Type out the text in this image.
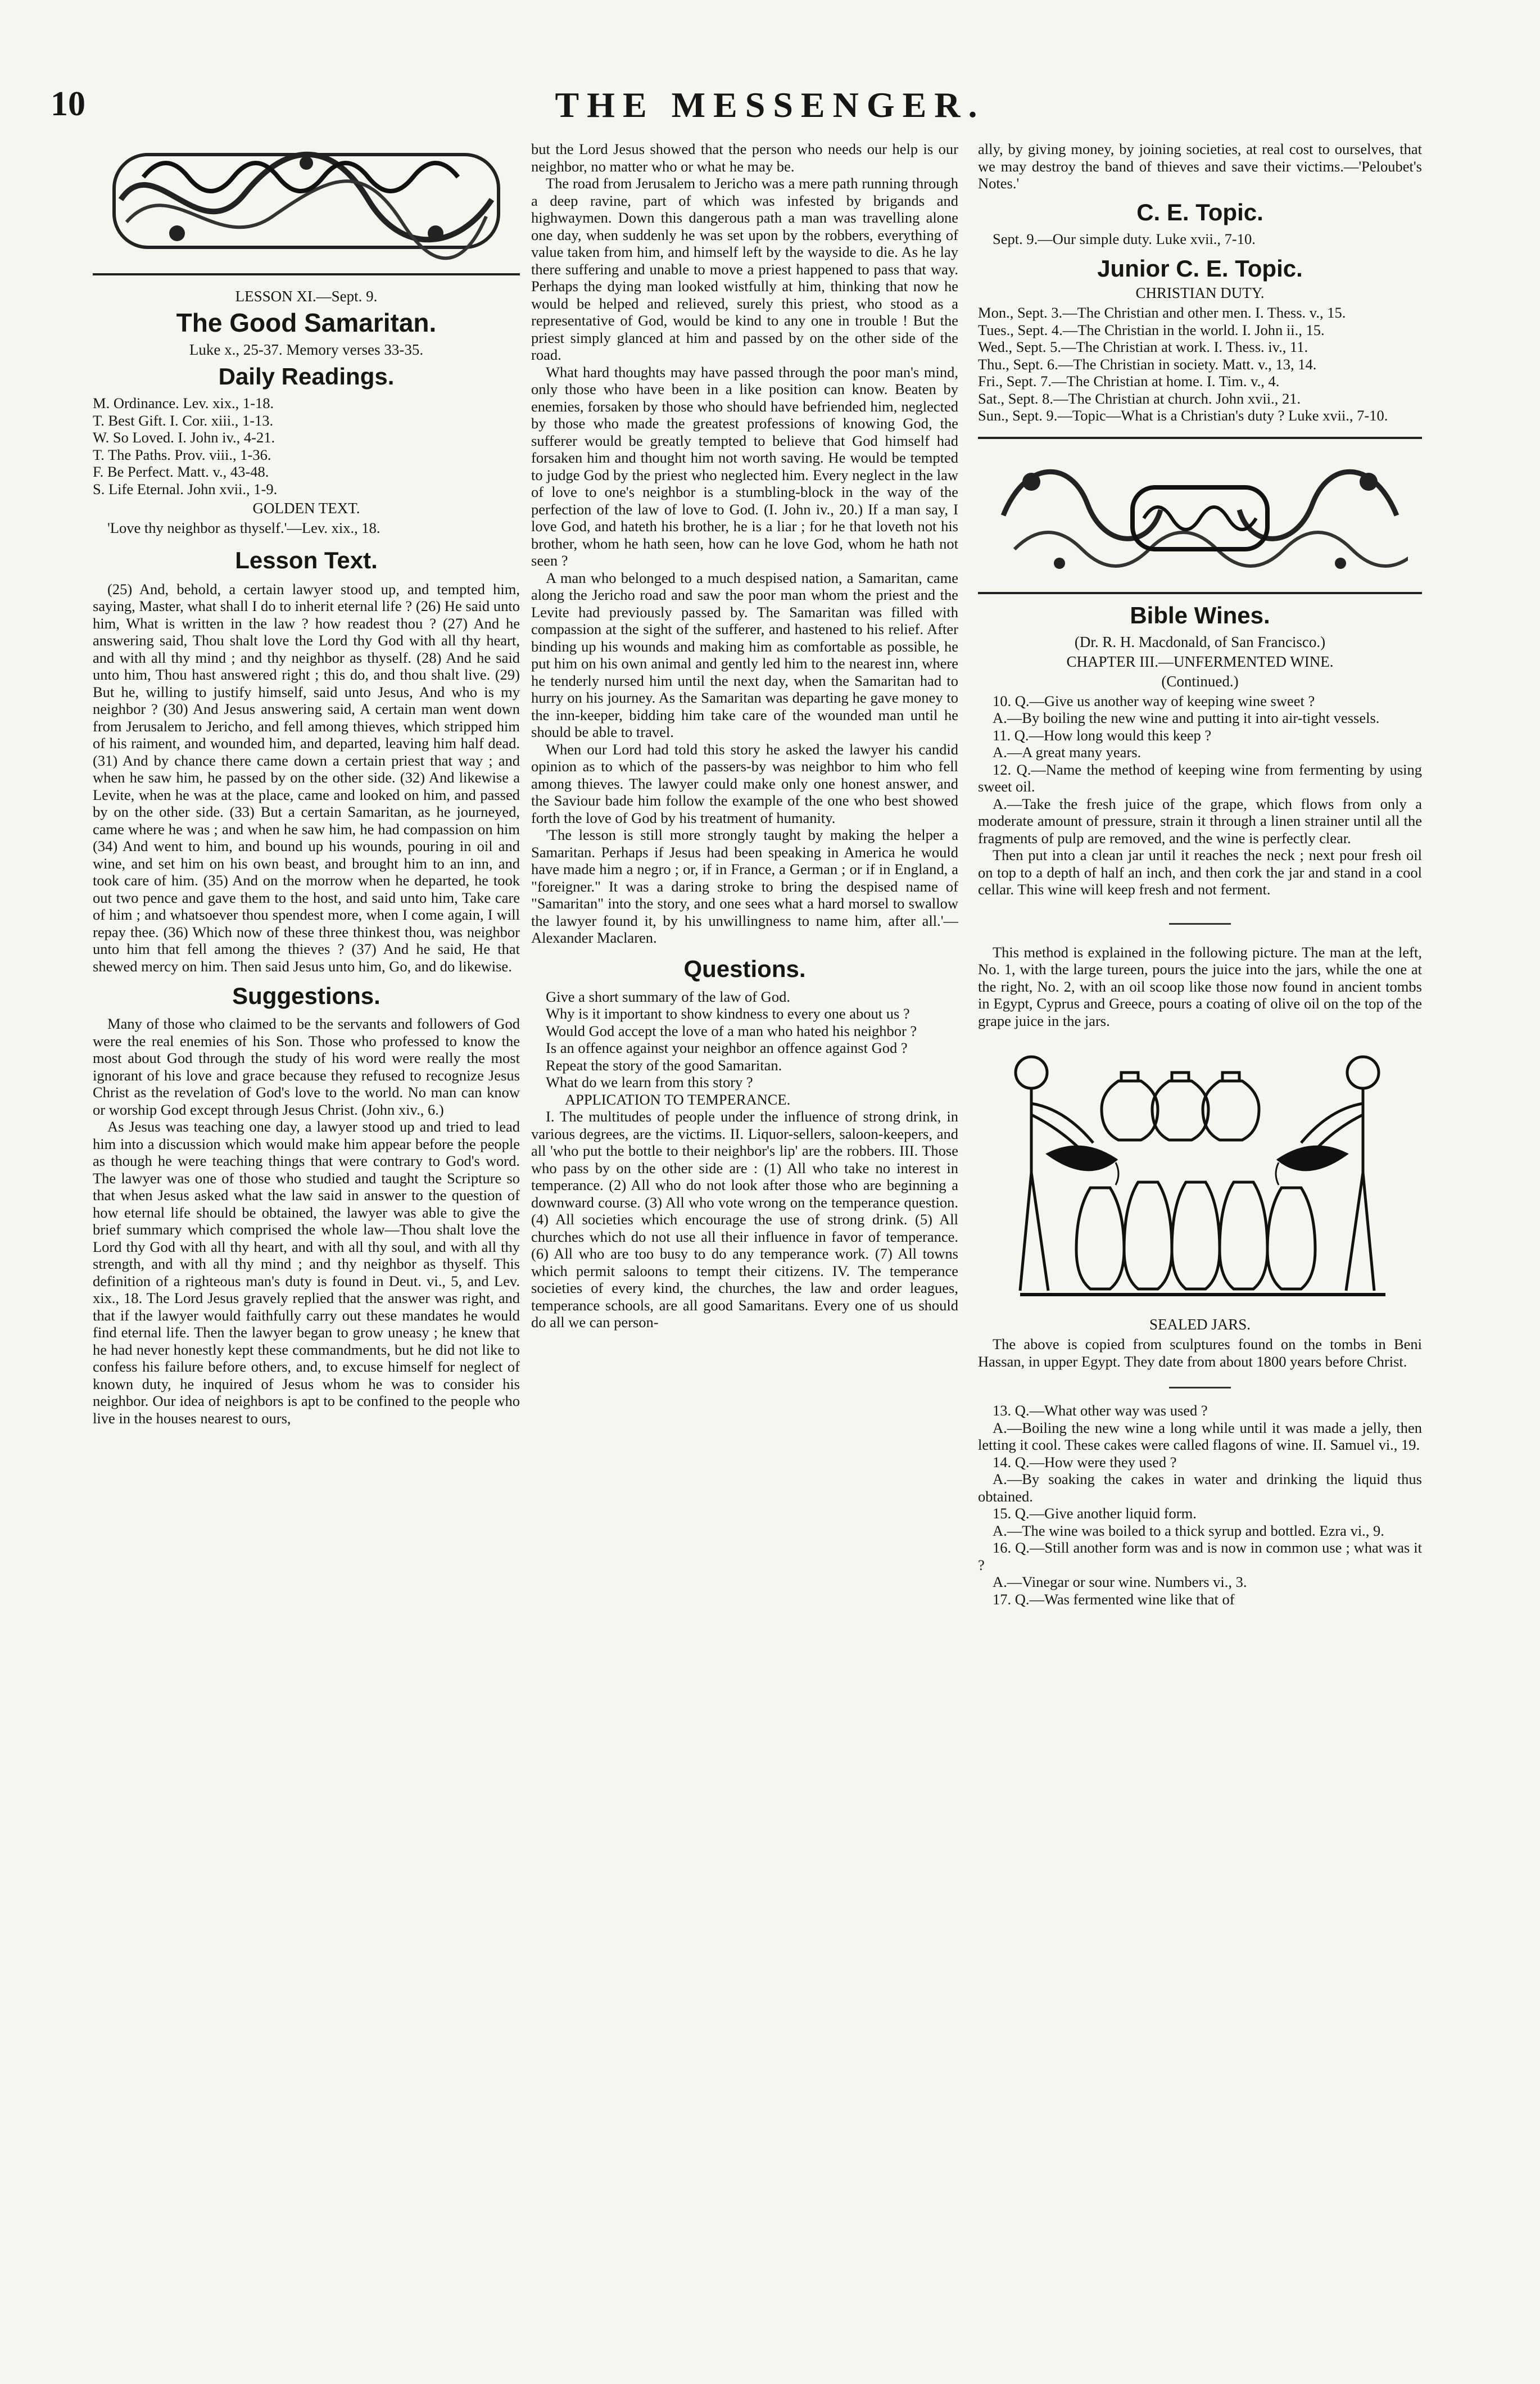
10	THE MESSENGER.
LESSON XI.—Sept. 9.
The Good Samaritan.
Luke x., 25-37. Memory verses 33-35.
Daily Readings.
M. Ordinance. Lev. xix., 1-18.
T. Best Gift. I. Cor. xiii., 1-13.
W. So Loved. I. John iv., 4-21.
T. The Paths. Prov. viii., 1-36.
F. Be Perfect. Matt. v., 43-48.
S. Life Eternal. John xvii., 1-9.
GOLDEN TEXT.

'Love thy neighbor as thyself.'—Lev. xix., 18.

Lesson Text.

(25) And, behold, a certain lawyer stood up, and tempted him, saying, Master, what shall I do to inherit eternal life ? (26) He said unto him, What is written in the law ? how readest thou ? (27) And he answering said, Thou shalt love the Lord thy God with all thy heart, and with all thy mind ; and thy neighbor as thyself. (28) And he said unto him, Thou hast answered right ; this do, and thou shalt live. (29) But he, willing to justify himself, said unto Jesus, And who is my neighbor ? (30) And Jesus answering said, A certain man went down from Jerusalem to Jericho, and fell among thieves, which stripped him of his raiment, and wounded him, and departed, leaving him half dead. (31) And by chance there came down a certain priest that way ; and when he saw him, he passed by on the other side. (32) And likewise a Levite, when he was at the place, came and looked on him, and passed by on the other side. (33) But a certain Samaritan, as he journeyed, came where he was ; and when he saw him, he had compassion on him (34) And went to him, and bound up his wounds, pouring in oil and wine, and set him on his own beast, and brought him to an inn, and took care of him. (35) And on the morrow when he departed, he took out two pence and gave them to the host, and said unto him, Take care of him ; and whatsoever thou spendest more, when I come again, I will repay thee. (36) Which now of these three thinkest thou, was neighbor unto him that fell among the thieves ? (37) And he said, He that shewed mercy on him. Then said Jesus unto him, Go, and do likewise.

Suggestions.

Many of those who claimed to be the servants and followers of God were the real enemies of his Son. Those who professed to know the most about God through the study of his word were really the most ignorant of his love and grace because they refused to recognize Jesus Christ as the revelation of God's love to the world. No man can know or worship God except through Jesus Christ. (John xiv., 6.)

As Jesus was teaching one day, a lawyer stood up and tried to lead him into a discussion which would make him appear before the people as though he were teaching things that were contrary to God's word. The lawyer was one of those who studied and taught the Scripture so that when Jesus asked what the law said in answer to the question of how eternal life should be obtained, the lawyer was able to give the brief summary which comprised the whole law—Thou shalt love the Lord thy God with all thy heart, and with all thy soul, and with all thy strength, and with all thy mind ; and thy neighbor as thyself. This definition of a righteous man's duty is found in Deut. vi., 5, and Lev. xix., 18. The Lord Jesus gravely replied that the answer was right, and that if the lawyer would faithfully carry out these mandates he would find eternal life. Then the lawyer began to grow uneasy ; he knew that he had never honestly kept these commandments, but he did not like to confess his failure before others, and, to excuse himself for neglect of known duty, he inquired of Jesus whom he was to consider his neighbor. Our idea of neighbors is apt to be confined to the people who live in the houses nearest to ours,

but the Lord Jesus showed that the person who needs our help is our neighbor, no matter who or what he may be.

The road from Jerusalem to Jericho was a mere path running through a deep ravine, part of which was infested by brigands and highwaymen. Down this dangerous path a man was travelling alone one day, when suddenly he was set upon by the robbers, everything of value taken from him, and himself left by the wayside to die. As he lay there suffering and unable to move a priest happened to pass that way. Perhaps the dying man looked wistfully at him, thinking that now he would be helped and relieved, surely this priest, who stood as a representative of God, would be kind to any one in trouble ! But the priest simply glanced at him and passed by on the other side of the road.

What hard thoughts may have passed through the poor man's mind, only those who have been in a like position can know. Beaten by enemies, forsaken by those who should have befriended him, neglected by those who made the greatest professions of knowing God, the sufferer would be greatly tempted to believe that God himself had forsaken him and thought him not worth saving. He would be tempted to judge God by the priest who neglected him. Every neglect in the law of love to one's neighbor is a stumbling-block in the way of the perfection of the law of love to God. (I. John iv., 20.) If a man say, I love God, and hateth his brother, he is a liar ; for he that loveth not his brother, whom he hath seen, how can he love God, whom he hath not seen ?

A man who belonged to a much despised nation, a Samaritan, came along the Jericho road and saw the poor man whom the priest and the Levite had previously passed by. The Samaritan was filled with compassion at the sight of the sufferer, and hastened to his relief. After binding up his wounds and making him as comfortable as possible, he put him on his own animal and gently led him to the nearest inn, where he tenderly nursed him until the next day, when the Samaritan had to hurry on his journey. As the Samaritan was departing he gave money to the inn-keeper, bidding him take care of the wounded man until he should be able to travel.

When our Lord had told this story he asked the lawyer his candid opinion as to which of the passers-by was neighbor to him who fell among thieves. The lawyer could make only one honest answer, and the Saviour bade him follow the example of the one who best showed forth the love of God by his treatment of humanity.

'The lesson is still more strongly taught by making the helper a Samaritan. Perhaps if Jesus had been speaking in America he would have made him a negro ; or, if in France, a German ; or if in England, a "foreigner." It was a daring stroke to bring the despised name of "Samaritan" into the story, and one sees what a hard morsel to swallow the lawyer found it, by his unwillingness to name him, after all.'—Alexander Maclaren.

Questions.

Give a short summary of the law of God.

Why is it important to show kindness to every one about us ?

Would God accept the love of a man who hated his neighbor ?

Is an offence against your neighbor an offence against God ?

Repeat the story of the good Samaritan.

What do we learn from this story ?

APPLICATION TO TEMPERANCE.

I. The multitudes of people under the influence of strong drink, in various degrees, are the victims. II. Liquor-sellers, saloon-keepers, and all 'who put the bottle to their neighbor's lip' are the robbers. III. Those who pass by on the other side are : (1) All who take no interest in temperance. (2) All who do not look after those who are beginning a downward course. (3) All who vote wrong on the temperance question. (4) All societies which encourage the use of strong drink. (5) All churches which do not use all their influence in favor of temperance. (6) All who are too busy to do any temperance work. (7) All towns which permit saloons to tempt their citizens. IV. The temperance societies of every kind, the churches, the law and order leagues, temperance schools, are all good Samaritans. Every one of us should do all we can person-

ally, by giving money, by joining societies, at real cost to ourselves, that we may destroy the band of thieves and save their victims.—'Peloubet's Notes.'

C. E. Topic.

Sept. 9.—Our simple duty. Luke xvii., 7-10.

Junior C. E. Topic.
CHRISTIAN DUTY.
Mon., Sept. 3.—The Christian and other men. I. Thess. v., 15.
Tues., Sept. 4.—The Christian in the world. I. John ii., 15.
Wed., Sept. 5.—The Christian at work. I. Thess. iv., 11.
Thu., Sept. 6.—The Christian in society. Matt. v., 13, 14.
Fri., Sept. 7.—The Christian at home. I. Tim. v., 4.
Sat., Sept. 8.—The Christian at church. John xvii., 21.
Sun., Sept. 9.—Topic—What is a Christian's duty ? Luke xvii., 7-10.
Bible Wines.
(Dr. R. H. Macdonald, of San Francisco.)
CHAPTER III.—UNFERMENTED WINE.
(Continued.)

10. Q.—Give us another way of keeping wine sweet ?

A.—By boiling the new wine and putting it into air-tight vessels.

11. Q.—How long would this keep ?

A.—A great many years.

12. Q.—Name the method of keeping wine from fermenting by using sweet oil.

A.—Take the fresh juice of the grape, which flows from only a moderate amount of pressure, strain it through a linen strainer until all the fragments of pulp are removed, and the wine is perfectly clear.

Then put into a clean jar until it reaches the neck ; next pour fresh oil on top to a depth of half an inch, and then cork the jar and stand in a cool cellar. This wine will keep fresh and not ferment.

This method is explained in the following picture. The man at the left, No. 1, with the large tureen, pours the juice into the jars, while the one at the right, No. 2, with an oil scoop like those now found in ancient tombs in Egypt, Cyprus and Greece, pours a coating of olive oil on the top of the grape juice in the jars.

SEALED JARS.

The above is copied from sculptures found on the tombs in Beni Hassan, in upper Egypt. They date from about 1800 years before Christ.

13. Q.—What other way was used ?

A.—Boiling the new wine a long while until it was made a jelly, then letting it cool. These cakes were called flagons of wine. II. Samuel vi., 19.

14. Q.—How were they used ?

A.—By soaking the cakes in water and drinking the liquid thus obtained.

15. Q.—Give another liquid form.

A.—The wine was boiled to a thick syrup and bottled. Ezra vi., 9.

16. Q.—Still another form was and is now in common use ; what was it ?

A.—Vinegar or sour wine. Numbers vi., 3.

17. Q.—Was fermented wine like that of
